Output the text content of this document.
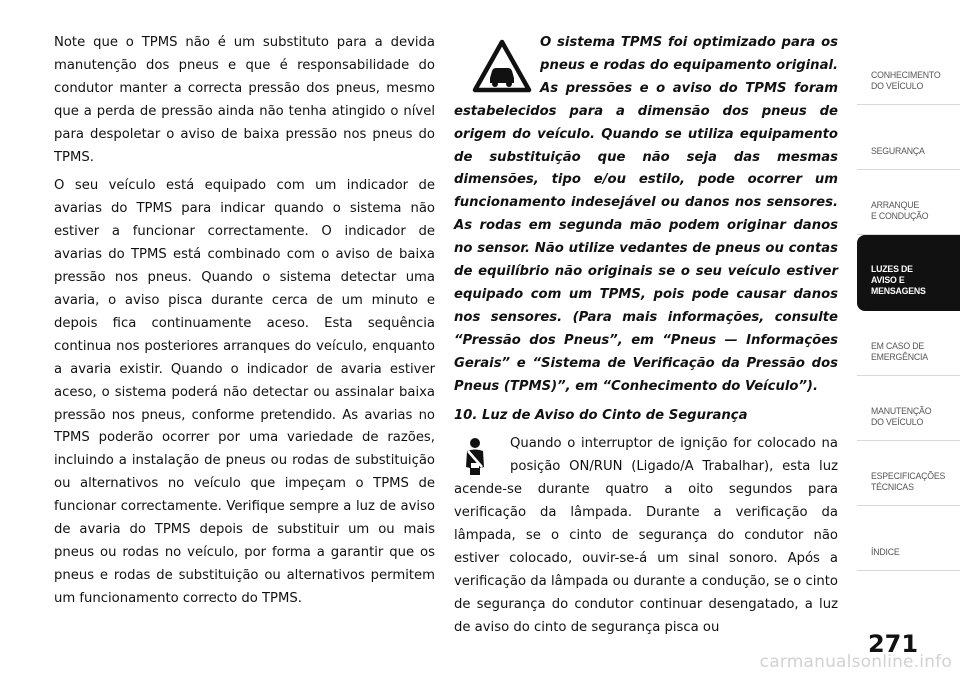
Note que o TPMS não é um substituto para a devida manutenção dos pneus e que é responsabilidade do condutor manter a correcta pressão dos pneus, mesmo que a perda de pressão ainda não tenha atingido o nível para despoletar o aviso de baixa pressão nos pneus do TPMS.

O seu veículo está equipado com um indicador de avarias do TPMS para indicar quando o sistema não estiver a funcionar correctamente. O indicador de avarias do TPMS está combinado com o aviso de baixa pressão nos pneus. Quando o sistema detectar uma avaria, o aviso pisca durante cerca de um minuto e depois fica continuamente aceso. Esta sequência continua nos posteriores arranques do veículo, enquanto a avaria existir. Quando o indicador de avaria estiver aceso, o sistema poderá não detectar ou assinalar baixa pressão nos pneus, conforme pretendido. As avarias no TPMS poderão ocorrer por uma variedade de razões, incluindo a instalação de pneus ou rodas de substituição ou alternativos no veículo que impeçam o TPMS de funcionar correctamente. Verifique sempre a luz de aviso de avaria do TPMS depois de substituir um ou mais pneus ou rodas no veículo, por forma a garantir que os pneus e rodas de substituição ou alternativos permitem um funcionamento correcto do TPMS.

O sistema TPMS foi optimizado para os pneus e rodas do equipamento original. As pressões e o aviso do TPMS foram estabelecidos para a dimensão dos pneus de origem do veículo. Quando se utiliza equipamento de substituição que não seja das mesmas dimensões, tipo e/ou estilo, pode ocorrer um funcionamento indesejável ou danos nos sensores. As rodas em segunda mão podem originar danos no sensor. Não utilize vedantes de pneus ou contas de equilíbrio não originais se o seu veículo estiver equipado com um TPMS, pois pode causar danos nos sensores. (Para mais informações, consulte “Pressão dos Pneus”, em “Pneus — Informações Gerais” e “Sistema de Verificação da Pressão dos Pneus (TPMS)”, em “Conhecimento do Veículo”).

10. Luz de Aviso do Cinto de Segurança

Quando o interruptor de ignição for colocado na posição ON/RUN (Ligado/A Trabalhar), esta luz acende-se durante quatro a oito segundos para verificação da lâmpada. Durante a verificação da lâmpada, se o cinto de segurança do condutor não estiver colocado, ouvir-se-á um sinal sonoro. Após a verificação da lâmpada ou durante a condução, se o cinto de segurança do condutor continuar desengatado, a luz de aviso do cinto de segurança pisca ou

CONHECIMENTO
DO VEÍCULO
SEGURANÇA
ARRANQUE
E CONDUÇÃO
LUZES DE
AVISO E
MENSAGENS
EM CASO DE
EMERGÊNCIA
MANUTENÇÃO
DO VEÍCULO
ESPECIFICAÇÕES
TÉCNICAS
ÍNDICE
271
carmanualsonline.info
